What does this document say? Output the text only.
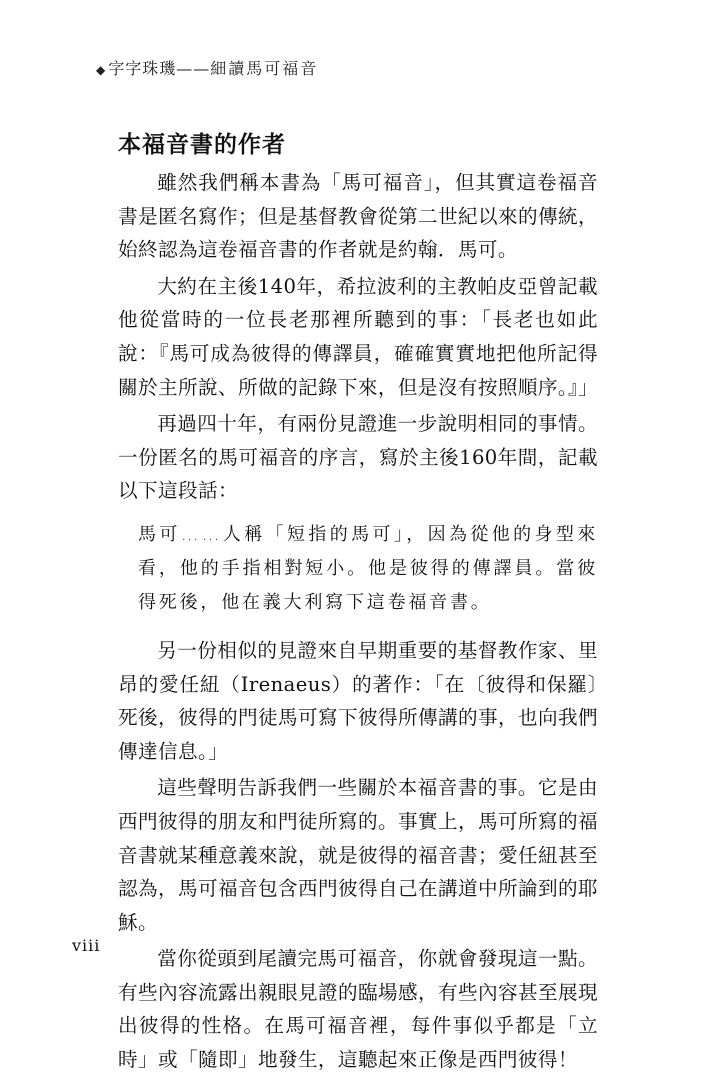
◆ 字字珠璣——細讀馬可福音
本福音書的作者

雖然我們稱本書為「馬可福音」，但其實這卷福音書是匿名寫作；但是基督教會從第二世紀以來的傳統，始終認為這卷福音書的作者就是約翰．馬可。

大約在主後140年，希拉波利的主教帕皮亞曾記載他從當時的一位長老那裡所聽到的事：「長老也如此說：『馬可成為彼得的傳譯員，確確實實地把他所記得關於主所說、所做的記錄下來，但是沒有按照順序。』」

再過四十年，有兩份見證進一步說明相同的事情。一份匿名的馬可福音的序言，寫於主後160年間，記載以下這段話：

馬可……人稱「短指的馬可」，因為從他的身型來看，他的手指相對短小。他是彼得的傳譯員。當彼得死後，他在義大利寫下這卷福音書。

另一份相似的見證來自早期重要的基督教作家、里昂的愛任紐（Irenaeus）的著作：「在〔彼得和保羅〕死後，彼得的門徒馬可寫下彼得所傳講的事，也向我們傳達信息。」

這些聲明告訴我們一些關於本福音書的事。它是由西門彼得的朋友和門徒所寫的。事實上，馬可所寫的福音書就某種意義來說，就是彼得的福音書；愛任紐甚至認為，馬可福音包含西門彼得自己在講道中所論到的耶穌。

當你從頭到尾讀完馬可福音，你就會發現這一點。有些內容流露出親眼見證的臨場感，有些內容甚至展現出彼得的性格。在馬可福音裡，每件事似乎都是「立時」或「隨即」地發生，這聽起來正像是西門彼得！

viii
